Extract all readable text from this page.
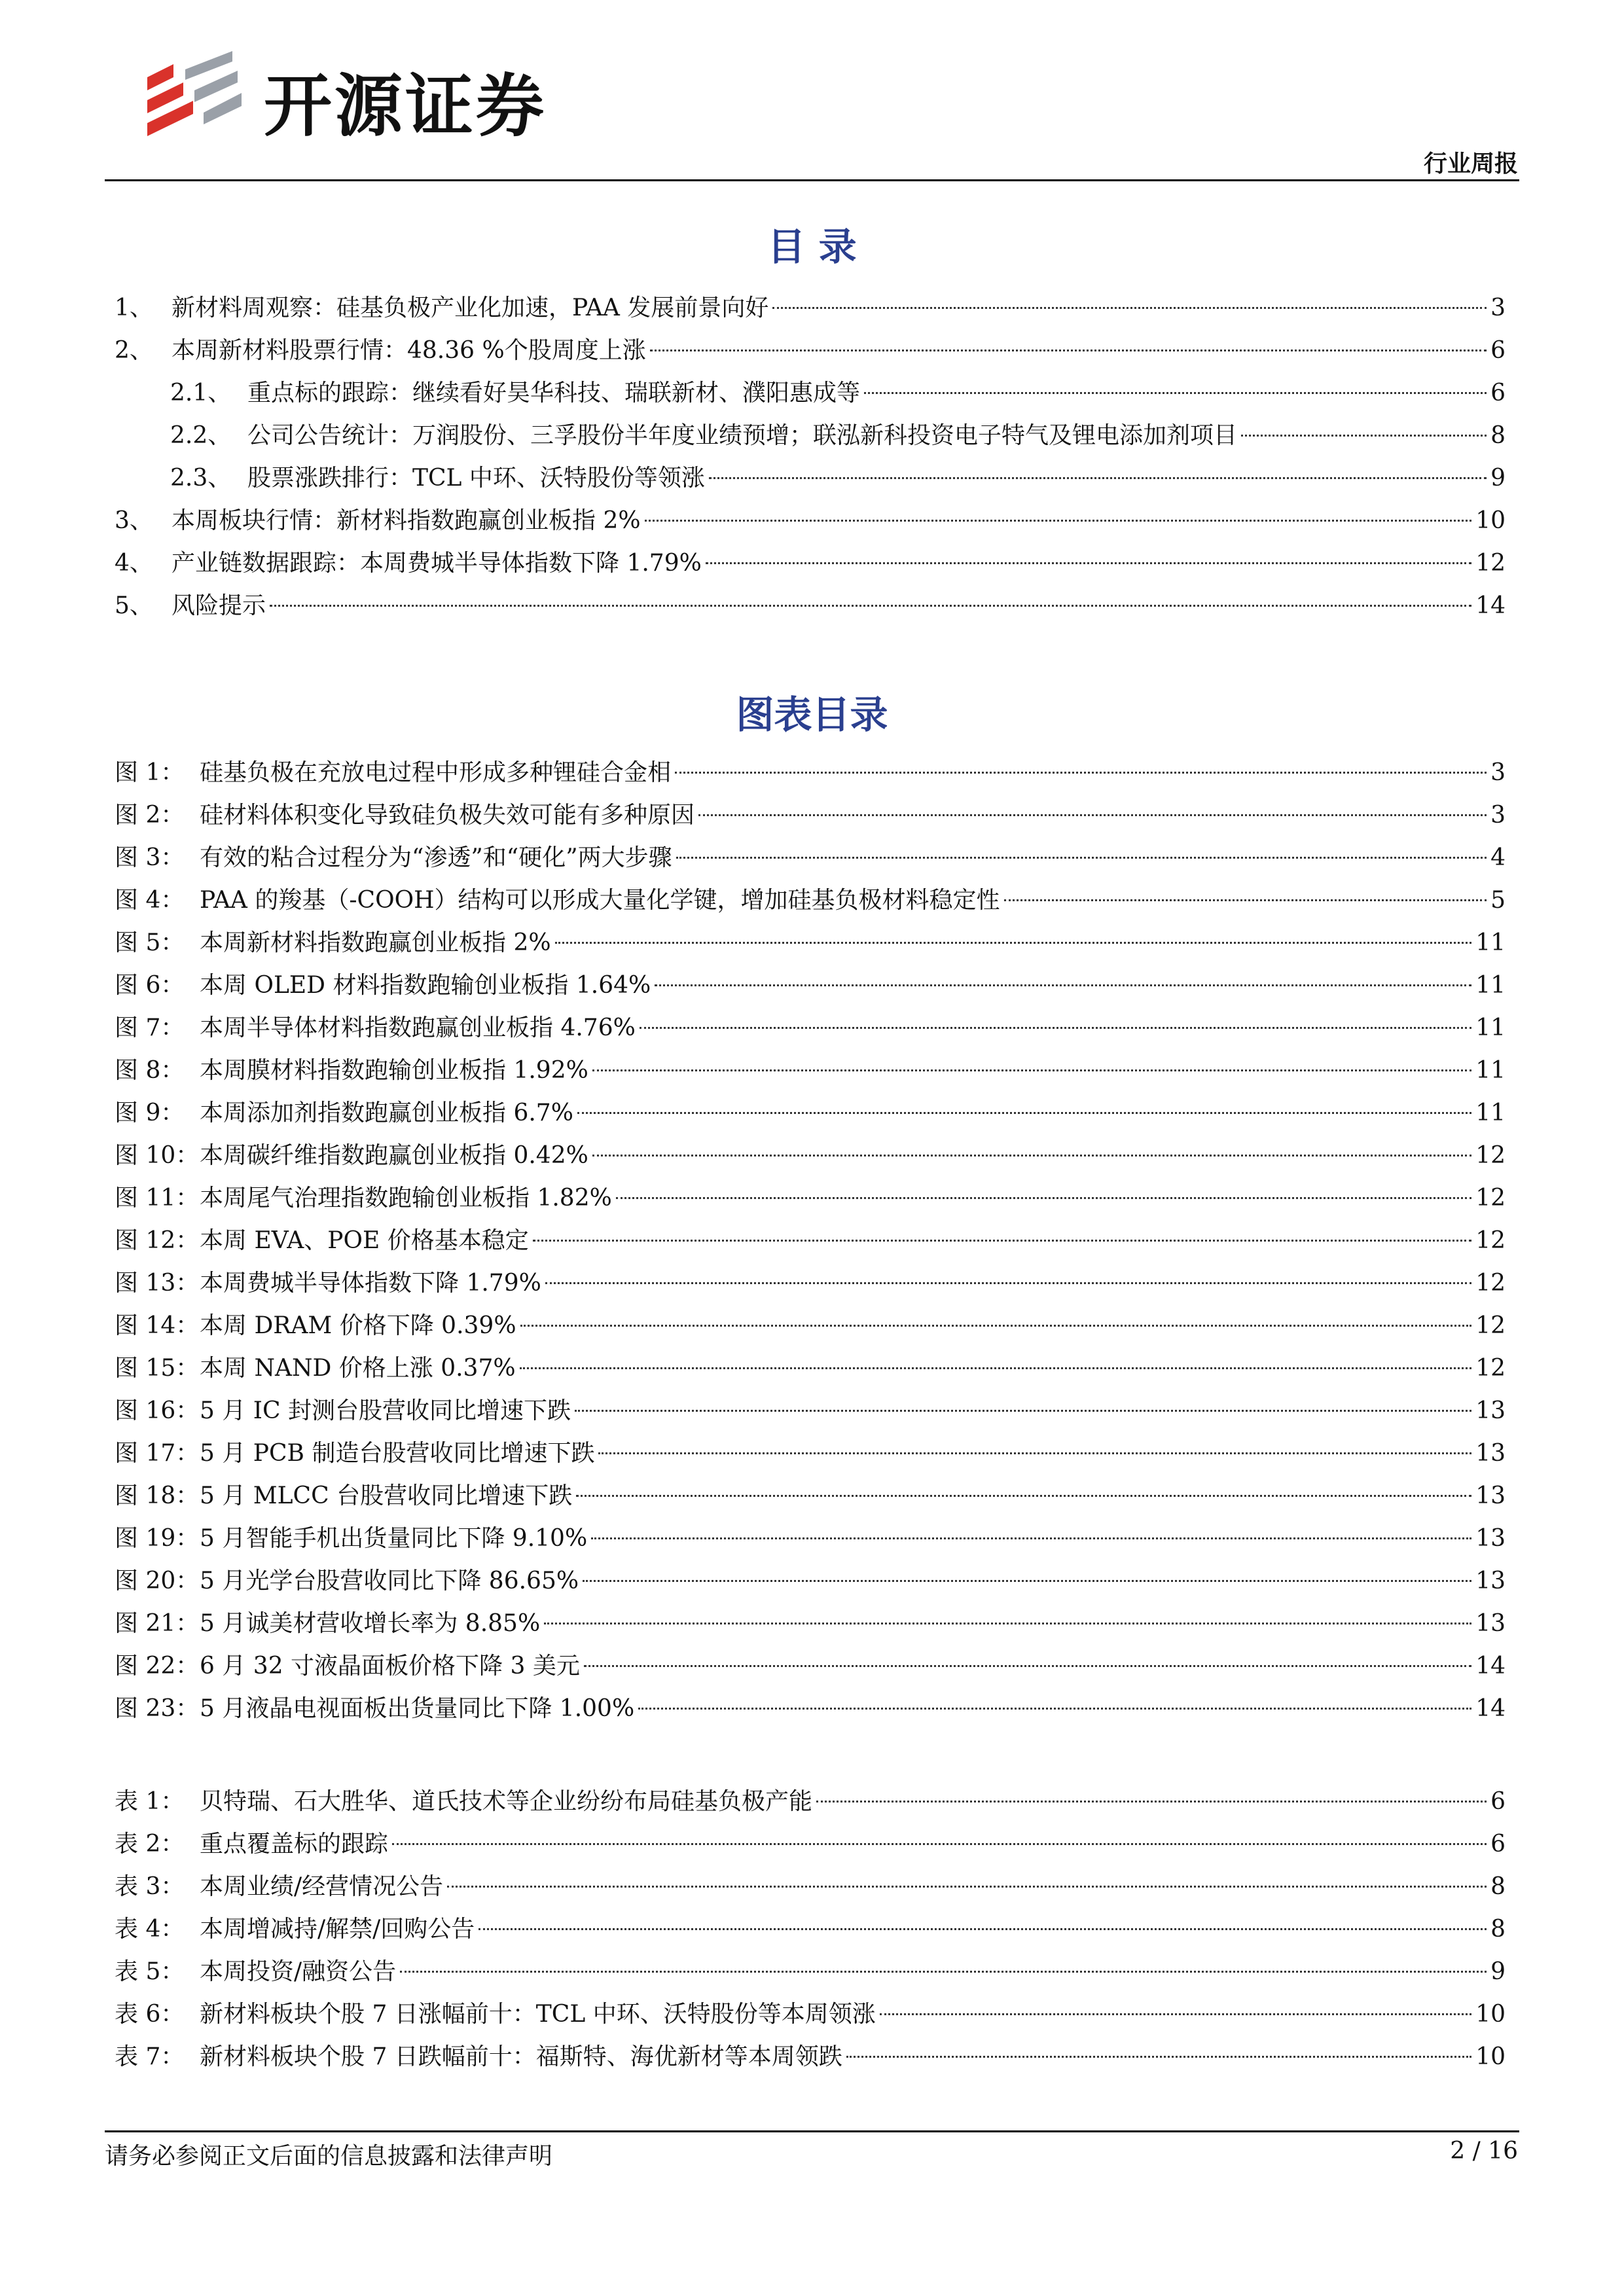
开源证券
行业周报
目 录
1、 新材料周观察：硅基负极产业化加速，PAA 发展前景向好	3
2、 本周新材料股票行情：48.36 %个股周度上涨	6
2.1、 重点标的跟踪：继续看好昊华科技、瑞联新材、濮阳惠成等	6
2.2、 公司公告统计：万润股份、三孚股份半年度业绩预增；联泓新科投资电子特气及锂电添加剂项目	8
2.3、 股票涨跌排行：TCL 中环、沃特股份等领涨	9
3、 本周板块行情：新材料指数跑赢创业板指 2%	10
4、 产业链数据跟踪：本周费城半导体指数下降 1.79%	12
5、 风险提示	14
图表目录
图 1： 硅基负极在充放电过程中形成多种锂硅合金相	3
图 2： 硅材料体积变化导致硅负极失效可能有多种原因	3
图 3： 有效的粘合过程分为“渗透”和“硬化”两大步骤	4
图 4： PAA 的羧基（-COOH）结构可以形成大量化学键，增加硅基负极材料稳定性	5
图 5： 本周新材料指数跑赢创业板指 2%	11
图 6： 本周 OLED 材料指数跑输创业板指 1.64%	11
图 7： 本周半导体材料指数跑赢创业板指 4.76%	11
图 8： 本周膜材料指数跑输创业板指 1.92%	11
图 9： 本周添加剂指数跑赢创业板指 6.7%	11
图 10： 本周碳纤维指数跑赢创业板指 0.42%	12
图 11： 本周尾气治理指数跑输创业板指 1.82%	12
图 12： 本周 EVA、POE 价格基本稳定	12
图 13： 本周费城半导体指数下降 1.79%	12
图 14： 本周 DRAM 价格下降 0.39%	12
图 15： 本周 NAND 价格上涨 0.37%	12
图 16： 5 月 IC 封测台股营收同比增速下跌	13
图 17： 5 月 PCB 制造台股营收同比增速下跌	13
图 18： 5 月 MLCC 台股营收同比增速下跌	13
图 19： 5 月智能手机出货量同比下降 9.10%	13
图 20： 5 月光学台股营收同比下降 86.65%	13
图 21： 5 月诚美材营收增长率为 8.85%	13
图 22： 6 月 32 寸液晶面板价格下降 3 美元	14
图 23： 5 月液晶电视面板出货量同比下降 1.00%	14
表 1： 贝特瑞、石大胜华、道氏技术等企业纷纷布局硅基负极产能	6
表 2： 重点覆盖标的跟踪	6
表 3： 本周业绩/经营情况公告	8
表 4： 本周增减持/解禁/回购公告	8
表 5： 本周投资/融资公告	9
表 6： 新材料板块个股 7 日涨幅前十：TCL 中环、沃特股份等本周领涨	10
表 7： 新材料板块个股 7 日跌幅前十：福斯特、海优新材等本周领跌	10
请务必参阅正文后面的信息披露和法律声明	2 / 16
